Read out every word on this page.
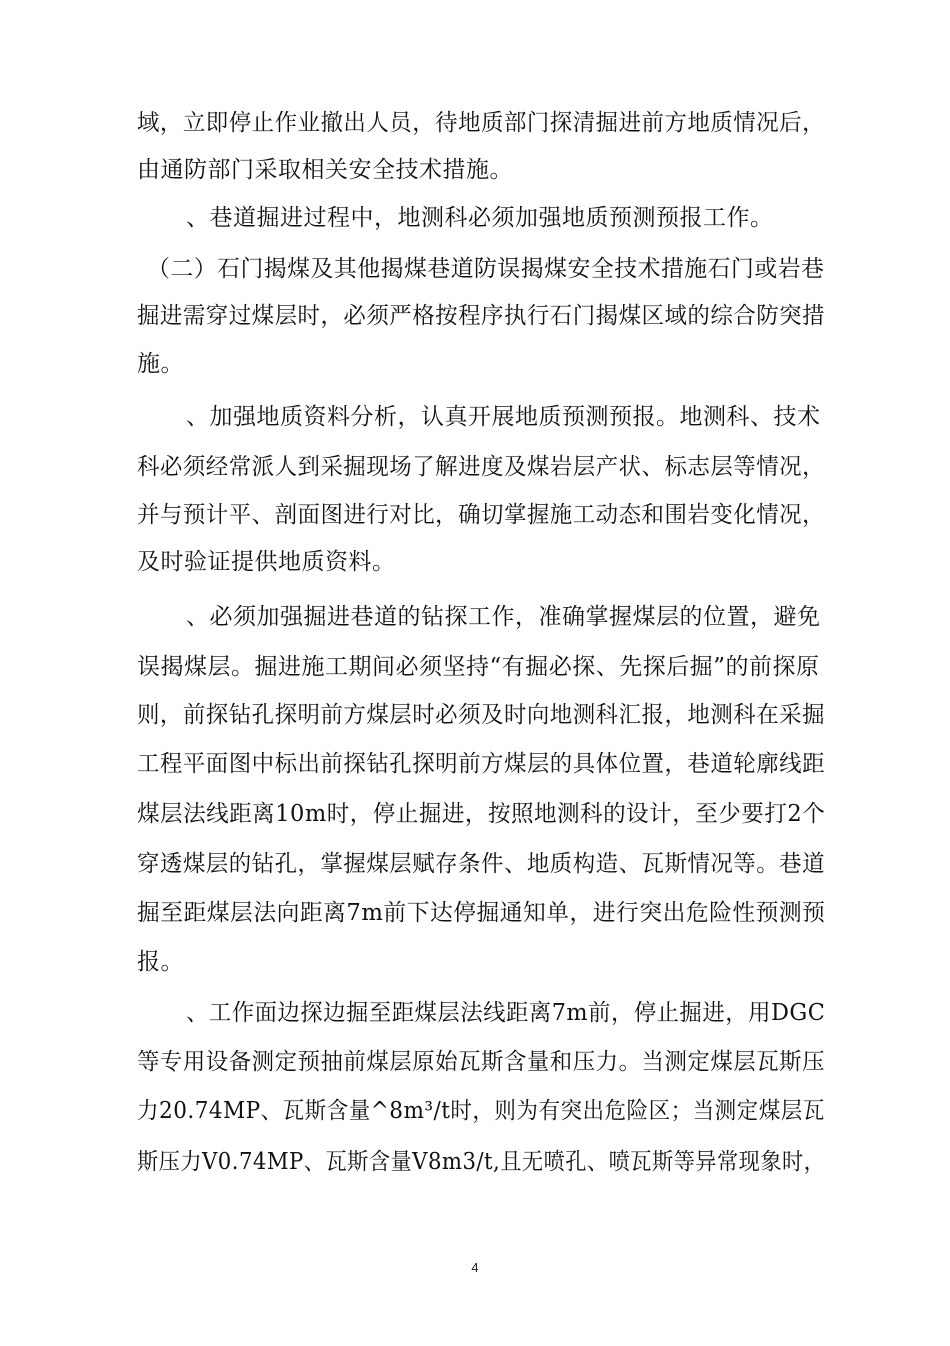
域，立即停止作业撤出人员，待地质部门探清掘进前方地质情况后，
由通防部门采取相关安全技术措施。
、巷道掘进过程中，地测科必须加强地质预测预报工作。
（二）石门揭煤及其他揭煤巷道防误揭煤安全技术措施石门或岩巷
掘进需穿过煤层时，必须严格按程序执行石门揭煤区域的综合防突措
施。
、加强地质资料分析，认真开展地质预测预报。地测科、技术
科必须经常派人到采掘现场了解进度及煤岩层产状、标志层等情况，
并与预计平、剖面图进行对比，确切掌握施工动态和围岩变化情况，
及时验证提供地质资料。
、必须加强掘进巷道的钻探工作，准确掌握煤层的位置，避免
误揭煤层。掘进施工期间必须坚持“有掘必探、先探后掘”的前探原
则，前探钻孔探明前方煤层时必须及时向地测科汇报，地测科在采掘
工程平面图中标出前探钻孔探明前方煤层的具体位置，巷道轮廓线距
煤层法线距离10m时，停止掘进，按照地测科的设计，至少要打2个
穿透煤层的钻孔，掌握煤层赋存条件、地质构造、瓦斯情况等。巷道
掘至距煤层法向距离7m前下达停掘通知单，进行突出危险性预测预
报。
、工作面边探边掘至距煤层法线距离7m前，停止掘进，用DGC
等专用设备测定预抽前煤层原始瓦斯含量和压力。当测定煤层瓦斯压
力20.74MP、瓦斯含量^8m³/t时，则为有突出危险区；当测定煤层瓦
斯压力V0.74MP、瓦斯含量V8m3/t,且无喷孔、喷瓦斯等异常现象时，
4
